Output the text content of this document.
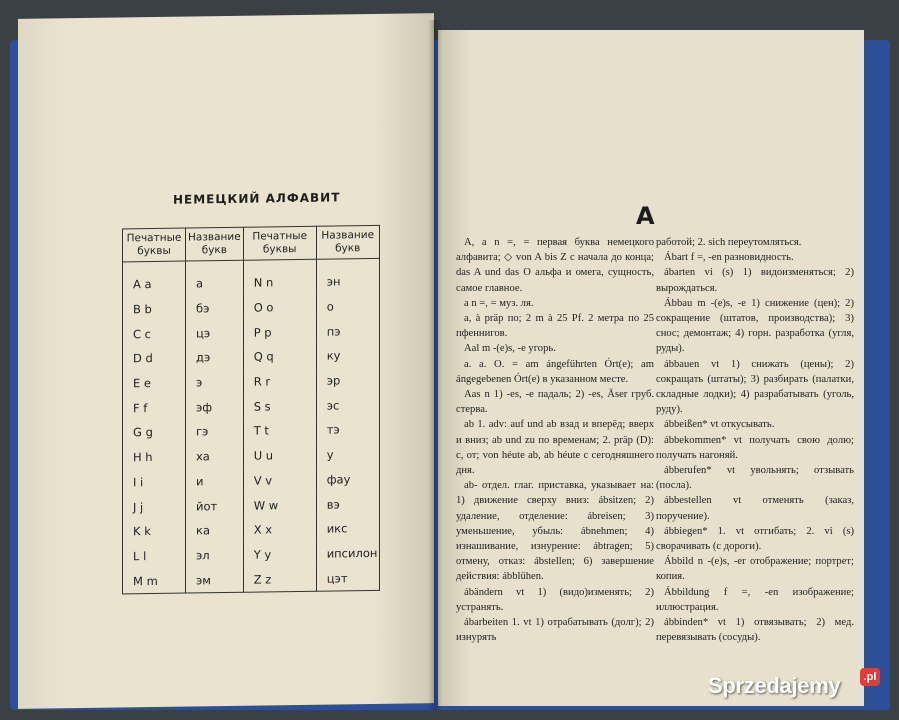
НЕМЕЦКИЙ АЛФАВИТ
Печатные буквы	Название букв	Печатные буквы	Название букв
A a	а	N n	эн
B b	бэ	O o	о
C c	цэ	P p	пэ
D d	дэ	Q q	ку
E e	э	R r	эр
F f	эф	S s	эс
G g	гэ	T t	тэ
H h	ха	U u	у
I i	и	V v	фау
J j	йот	W w	вэ
K k	ка	X x	икс
L l	эл	Y y	ипсилон
M m	эм	Z z	цэт
A

A, a n =, = первая буква немецкого алфавита; ◇ von A bis Z с начала до конца; das A und das O альфа и омега, сущность, самое главное.

a n =, = муз. ля.

a, à präp по; 2 m à 25 Pf. 2 метра по 25 пфеннигов.

Aal m -(e)s, -e угорь.

a. a. O. = am ángeführten Órt(e); am ángegebenen Órt(e) в указанном месте.

Aas n 1) -es, -e падаль; 2) -es, Äser груб. стерва.

ab 1. adv: auf und ab взад и вперёд; вверх и вниз; ab und zu по временам; 2. präp (D): с, от; von héute ab, ab héute с сегодняшнего дня.

ab- отдел. глаг. приставка, указывает на: 1) движение сверху вниз: ábsitzen; 2) удаление, отделение: ábreisen; 3) уменьшение, убыль: ábnehmen; 4) изнашивание, изнурение: ábtragen; 5) отмену, отказ: ábstellen; 6) завершение действия: ábblühen.

ábändern vt 1) (видо)изменять; 2) устранять.

ábarbeiten 1. vt 1) отрабатывать (долг); 2) изнурять

работой; 2. sich переутомляться.

Ábart f =, -en разновидность.

ábarten vi (s) 1) видоизменяться; 2) вырождаться.

Ábbau m -(e)s, -e 1) снижение (цен); 2) сокращение (штатов, производства); 3) снос; демонтаж; 4) горн. разработка (угля, руды).

ábbauen vt 1) снижать (цены); 2) сокращать (штаты); 3) разбирать (палатки, складные лодки); 4) разрабатывать (уголь, руду).

ábbeißen* vt откусывать.

ábbekommen* vt получать свою долю; получать нагоняй.

ábberufen* vt увольнять; отзывать (посла).

ábbestellen vt отменять (заказ, поручение).

ábbiegen* 1. vt отгибать; 2. vi (s) сворачивать (с дороги).

Ábbild n -(e)s, -er отображение; портрет; копия.

Ábbildung f =, -en изображение; иллюстрация.

ábbinden* vt 1) отвязывать; 2) мед. перевязывать (сосуды).

Sprzedajemy	.pl
